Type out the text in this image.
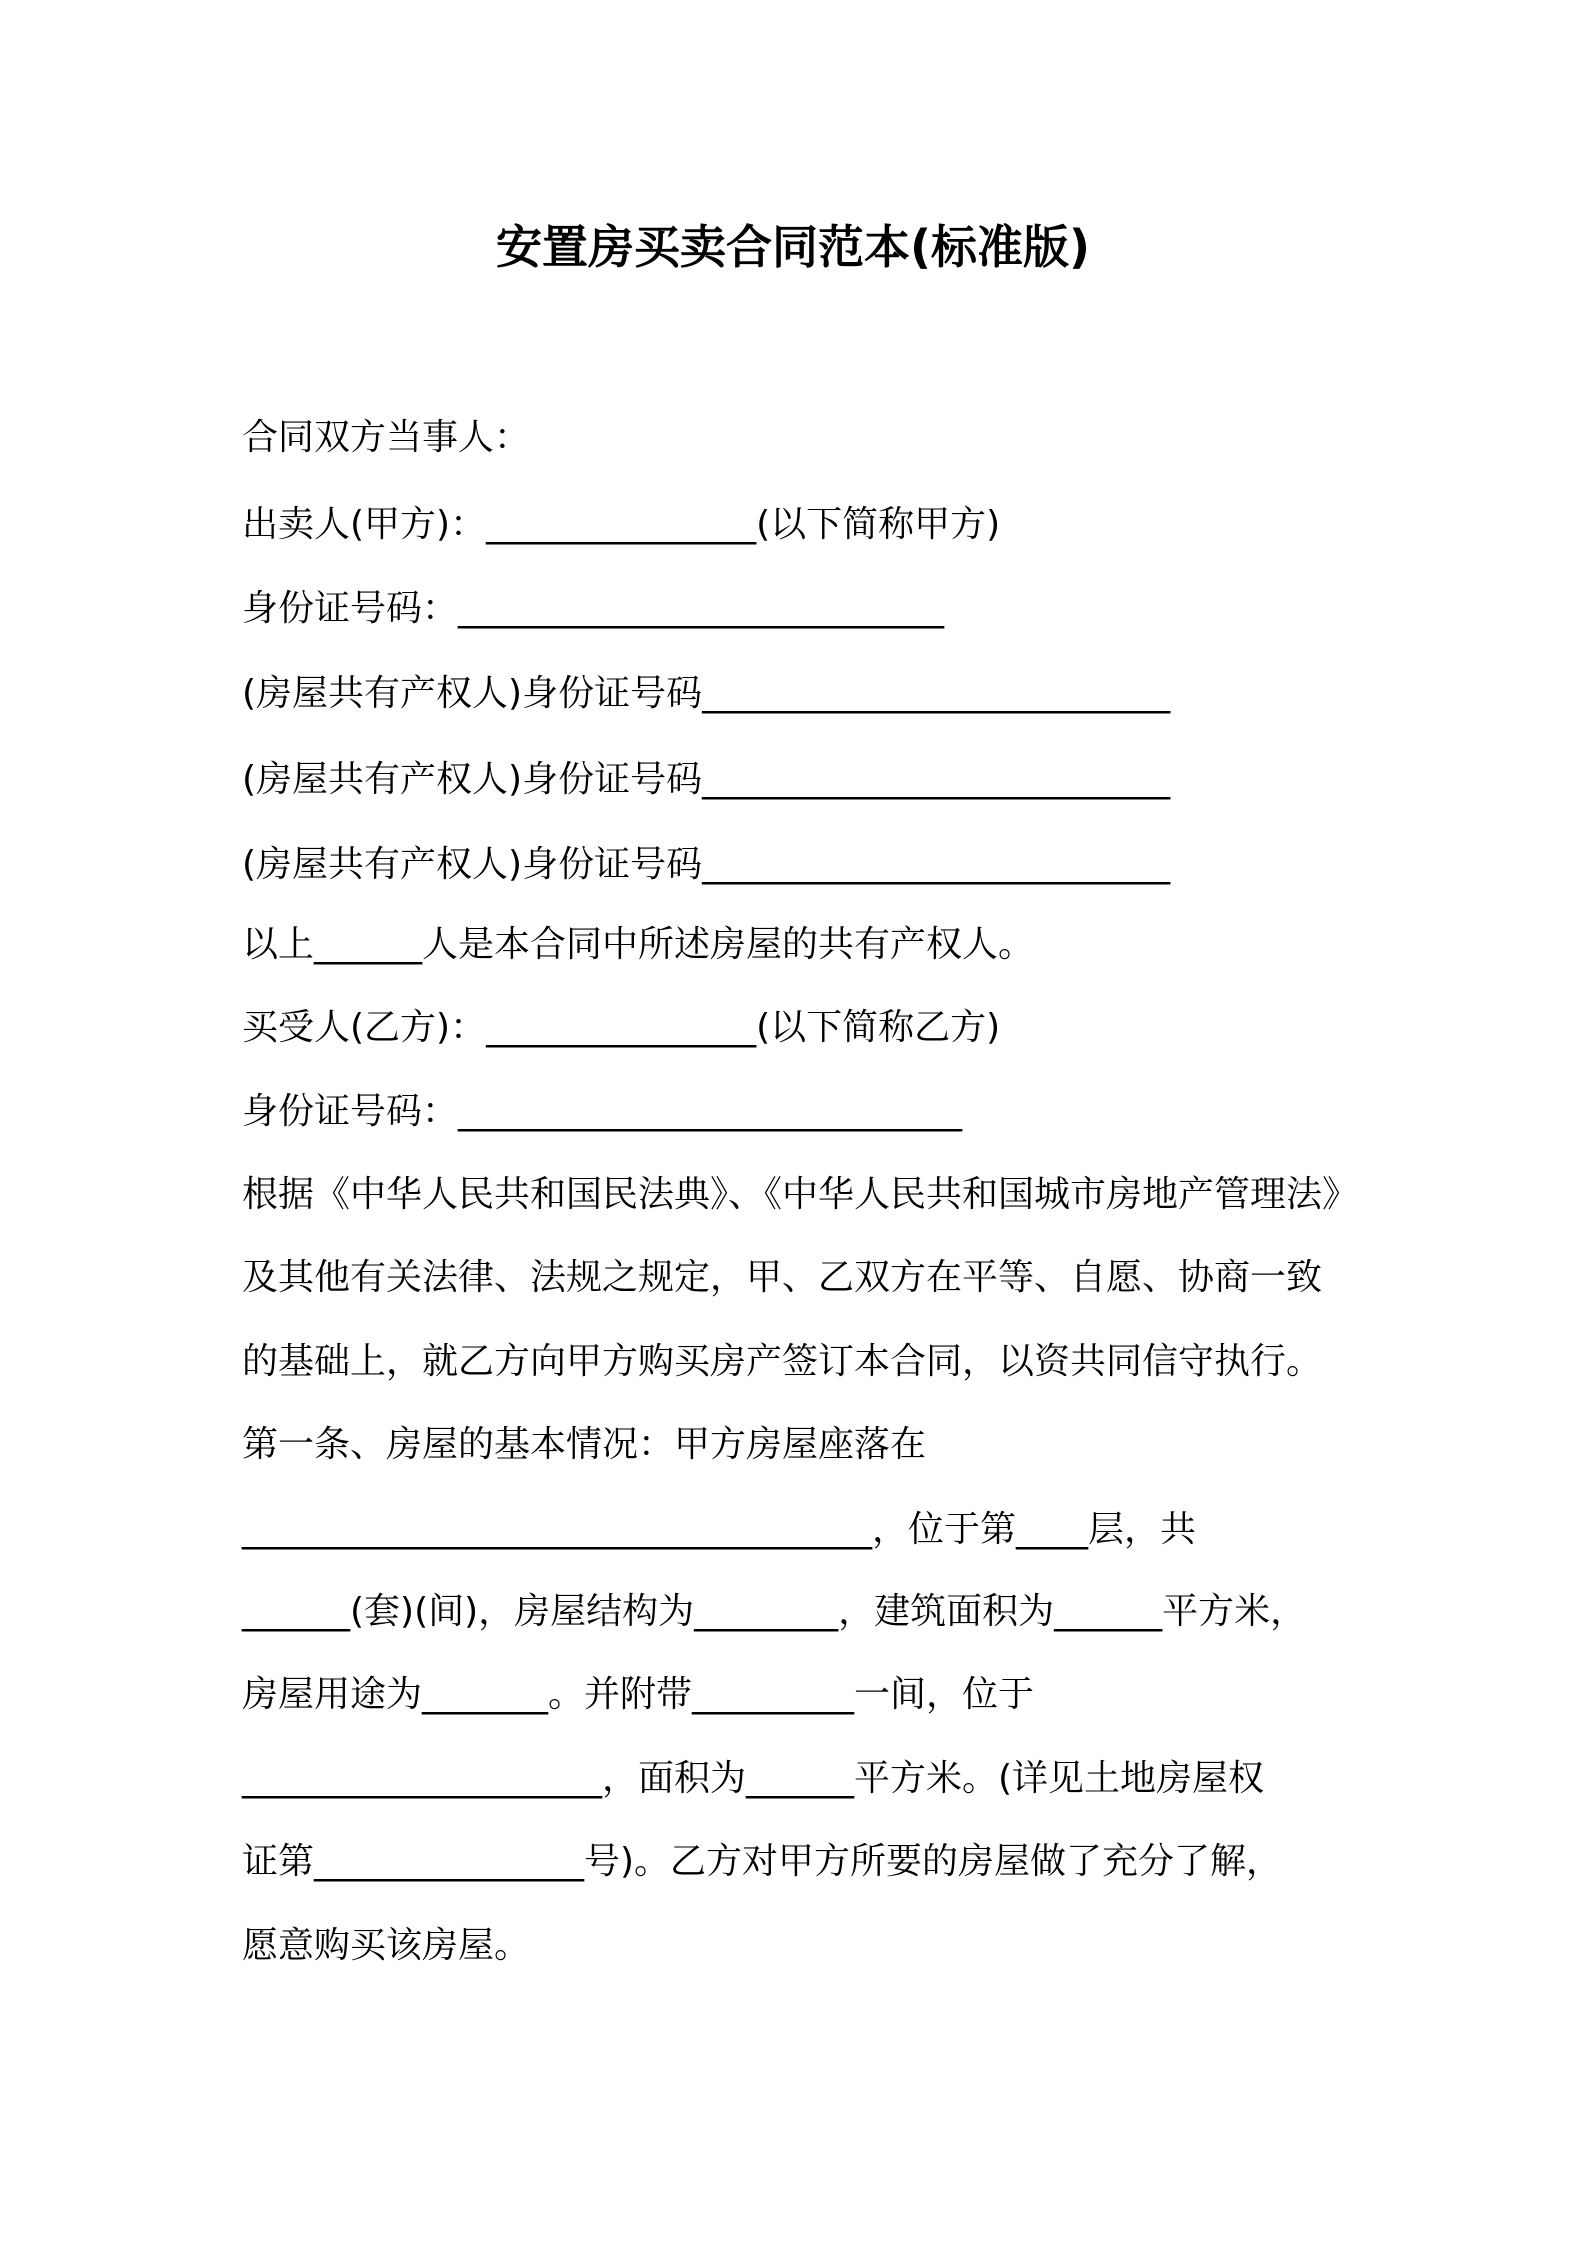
安置房买卖合同范本(标准版)
合同双方当事人：
出卖人(甲方)：_______________(以下简称甲方)
身份证号码：___________________________
(房屋共有产权人)身份证号码__________________________
(房屋共有产权人)身份证号码__________________________
(房屋共有产权人)身份证号码__________________________
以上______人是本合同中所述房屋的共有产权人。
买受人(乙方)：_______________(以下简称乙方)
身份证号码：____________________________
根据《中华人民共和国民法典》、《中华人民共和国城市房地产管理法》
及其他有关法律、法规之规定，甲、乙双方在平等、自愿、协商一致
的基础上，就乙方向甲方购买房产签订本合同，以资共同信守执行。
第一条、房屋的基本情况：甲方房屋座落在
___________________________________，位于第____层，共
______(套)(间)，房屋结构为________，建筑面积为______平方米，
房屋用途为_______。并附带_________一间，位于
____________________，面积为______平方米。(详见土地房屋权
证第_______________号)。乙方对甲方所要的房屋做了充分了解，
愿意购买该房屋。
